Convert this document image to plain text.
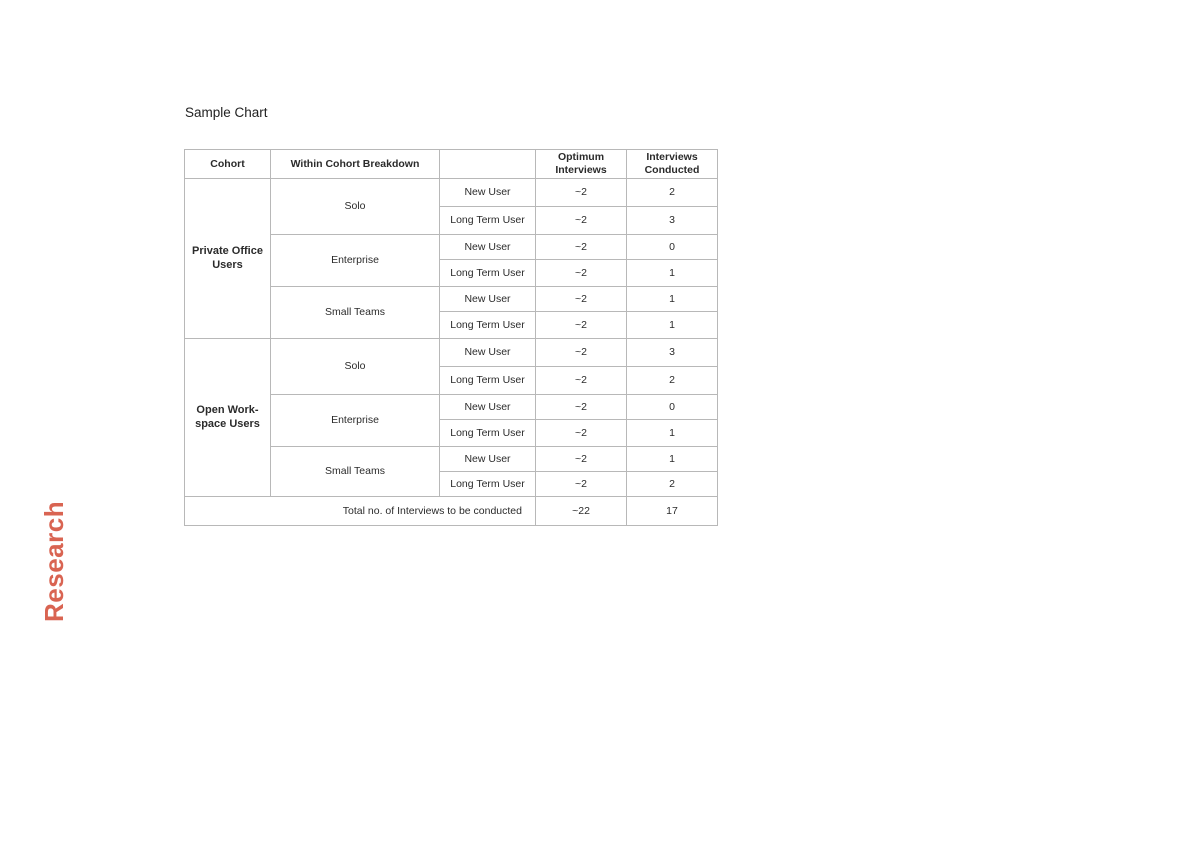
Sample Chart
Cohort	Within Cohort Breakdown		Optimum Interviews	Interviews Conducted
Private Office Users	Solo	New User	~2	2
		Long Term User	~2	3
	Enterprise	New User	~2	0
		Long Term User	~2	1
	Small Teams	New User	~2	1
		Long Term User	~2	1
Open Work-space Users	Solo	New User	~2	3
		Long Term User	~2	2
	Enterprise	New User	~2	0
		Long Term User	~2	1
	Small Teams	New User	~2	1
		Long Term User	~2	2
Total no. of Interviews to be conducted			~22	17
Research
